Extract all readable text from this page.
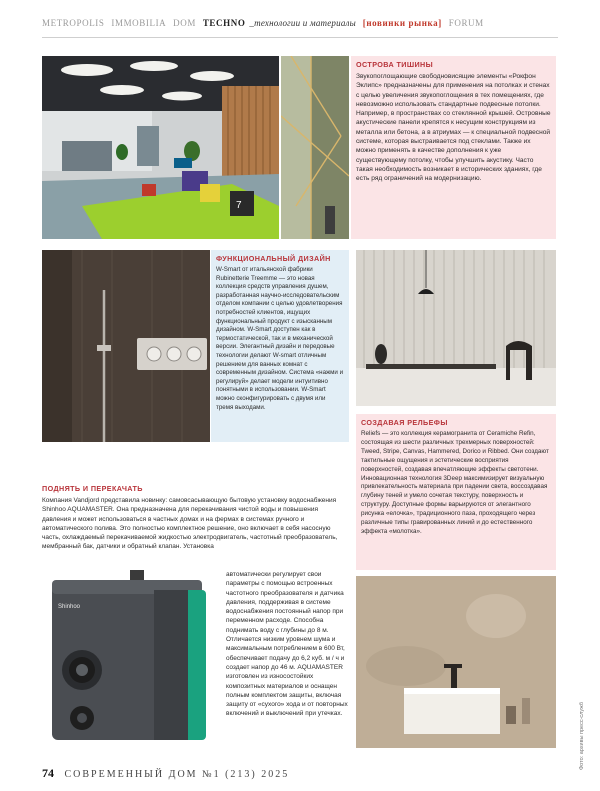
METROPOLIS IMMOBILIA DOM TECHNO _технологии и материалы [новинки рынка] FORUM
7

ОСТРОВА ТИШИНЫ

Звукопоглощающие свободновисящие элементы «Рокфон Эклипс» предназначены для применения на потолках и стенах с целью увеличения звукопоглощения в тех помещениях, где невозможно использовать стандартные подвесные потолки. Например, в пространствах со стеклянной крышей. Островные акустические панели крепятся к несущим конструкциям из металла или бетона, а в атриумах — к специальной подвесной системе, которая выстраивается под стеклами. Также их можно применять в качестве дополнения к уже существующему потолку, чтобы улучшить акустику. Часто такая необходимость возникает в исторических зданиях, где есть ряд ограничений на модернизацию.

ФУНКЦИОНАЛЬНЫЙ ДИЗАЙН

W-Smart от итальянской фабрики Rubinetterie Treemme — это новая коллекция средств управления душем, разработанная научно-исследовательским отделом компании с целью удовлетворения потребностей клиентов, ищущих функциональный продукт с изысканным дизайном. W-Smart доступен как в термостатической, так и в механической версии. Элегантный дизайн и передовые технологии делают W-smart отличным решением для ванных комнат с современным дизайном. Система «нажми и регулируй» делает модели интуитивно понятными в использовании. W-Smart можно сконфигурировать с двумя или тремя выходами.

СОЗДАВАЯ РЕЛЬЕФЫ

Reliefs — это коллекция керамогранита от Ceramiche Refin, состоящая из шести различных трехмерных поверхностей: Tweed, Stripe, Canvas, Hammered, Dorico и Ribbed. Они создают тактильные ощущения и эстетические восприятия поверхностей, создавая впечатляющие эффекты светотени. Инновационная технология 3Deep максимизирует визуальную привлекательность материала при падении света, воссоздавая глубину теней и умело сочетая текстуру, поверхность и структуру. Доступные формы варьируются от элегантного рисунка «елочка», традиционного паза, проходящего через различные типы гравированных линий и до естественного эффекта «молотка».

ПОДНЯТЬ И ПЕРЕКАЧАТЬ

Компания Vandjord представила новинку: самовсасывающую бытовую установку водоснабжения Shinhoo AQUAMASTER. Она предназначена для перекачивания чистой воды и повышения давления и может использоваться в частных домах и на фермах в системах ручного и автоматического полива. Это полностью комплектное решение, оно включает в себя насосную часть, охлаждаемый перекачиваемой жидкостью электродвигатель, частотный преобразователь, мембранный бак, датчики и обратный клапан. Установка

автоматически регулирует свои параметры с помощью встроенных частотного преобразователя и датчика давления, поддерживая в системе водоснабжения постоянный напор при переменном расходе. Способна поднимать воду с глубины до 8 м. Отличается низким уровнем шума и максимальным потреблением в 600 Вт, обеспечивает подачу до 6,2 куб. м / ч и создает напор до 46 м. AQUAMASTER изготовлен из износостойких композитных материалов и оснащен полным комплектом защиты, включая защиту от «сухого» хода и от повторных включений и выключений при утечках.

Shinhoo
Фото: архивы пресс-служб
74 СОВРЕМЕННЫЙ ДОМ №1 (213) 2025
